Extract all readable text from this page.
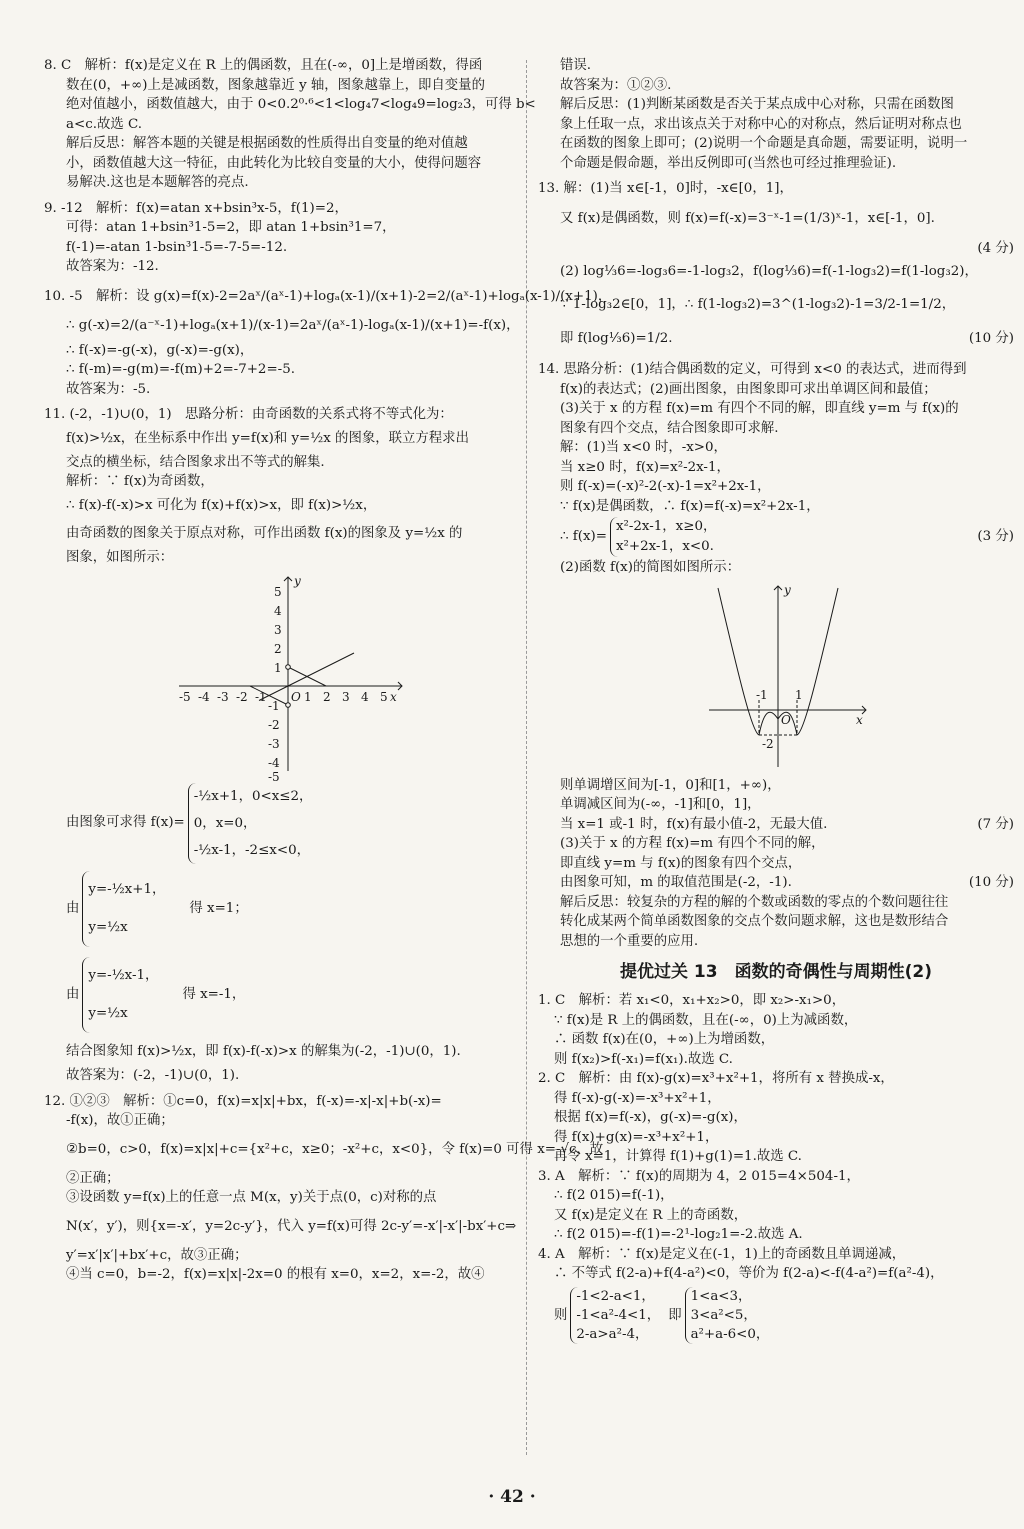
8. C　解析：f(x)是定义在 R 上的偶函数，且在(-∞，0]上是增函数，得函
数在(0，+∞)上是减函数，图象越靠近 y 轴，图象越靠上，即自变量的
绝对值越小，函数值越大，由于 0<0.2⁰·⁶<1<log₄7<log₄9=log₂3，可得 b<
a<c.故选 C.
解后反思：解答本题的关键是根据函数的性质得出自变量的绝对值越
小，函数值越大这一特征，由此转化为比较自变量的大小，使得问题容
易解决.这也是本题解答的亮点.
9. -12　解析：f(x)=atan x+bsin³x-5，f(1)=2，
可得：atan 1+bsin³1-5=2，即 atan 1+bsin³1=7，
f(-1)=-atan 1-bsin³1-5=-7-5=-12.
故答案为：-12.
10. -5　解析：设 g(x)=f(x)-2=2aˣ/(aˣ-1)+logₐ(x-1)/(x+1)-2=2/(aˣ-1)+logₐ(x-1)/(x+1)，
∴ g(-x)=2/(a⁻ˣ-1)+logₐ(x+1)/(x-1)=2aˣ/(aˣ-1)-logₐ(x-1)/(x+1)=-f(x)，
∴ f(-x)=-g(-x)，g(-x)=-g(x)，
∴ f(-m)=-g(m)=-f(m)+2=-7+2=-5.
故答案为：-5.
11. (-2，-1)∪(0，1)　思路分析：由奇函数的关系式将不等式化为：
f(x)>½x，在坐标系中作出 y=f(x)和 y=½x 的图象，联立方程求出
交点的横坐标，结合图象求出不等式的解集.
解析：∵ f(x)为奇函数，
∴ f(x)-f(-x)>x 可化为 f(x)+f(x)>x，即 f(x)>½x，
由奇函数的图象关于原点对称，可作出函数 f(x)的图象及 y=½x 的
图象，如图所示：
-5 -4 -3 -2 -1 O 1 2 3 4 5 x
y
5
4
3
2
1
-1
-2
-3
-4
-5
由图象可求得 f(x)=
-½x+1，0<x≤2，
0，x=0，
-½x-1，-2≤x<0，
由
y=-½x+1，
y=½x
得 x=1；
由
y=-½x-1，
y=½x
得 x=-1，
结合图象知 f(x)>½x，即 f(x)-f(-x)>x 的解集为(-2，-1)∪(0，1).
故答案为：(-2，-1)∪(0，1).
12. ①②③　解析：①c=0，f(x)=x|x|+bx，f(-x)=-x|-x|+b(-x)=
-f(x)，故①正确；
②b=0，c>0，f(x)=x|x|+c={x²+c，x≥0；-x²+c，x<0}，令 f(x)=0 可得 x=-√c，故
②正确；
③设函数 y=f(x)上的任意一点 M(x，y)关于点(0，c)对称的点
N(x′，y′)，则{x=-x′，y=2c-y′}，代入 y=f(x)可得 2c-y′=-x′|-x′|-bx′+c⇒
y′=x′|x′|+bx′+c，故③正确；
④当 c=0，b=-2，f(x)=x|x|-2x=0 的根有 x=0，x=2，x=-2，故④
错误.
故答案为：①②③.
解后反思：(1)判断某函数是否关于某点成中心对称，只需在函数图
象上任取一点，求出该点关于对称中心的对称点，然后证明对称点也
在函数的图象上即可；(2)说明一个命题是真命题，需要证明，说明一
个命题是假命题，举出反例即可(当然也可经过推理验证).
13. 解：(1)当 x∈[-1，0]时，-x∈[0，1]，
又 f(x)是偶函数，则 f(x)=f(-x)=3⁻ˣ-1=(1/3)ˣ-1，x∈[-1，0].
(4 分)
(2) log⅓6=-log₃6=-1-log₃2，f(log⅓6)=f(-1-log₃2)=f(1-log₃2)，
∵ 1-log₃2∈[0，1]，∴ f(1-log₃2)=3^(1-log₃2)-1=3/2-1=1/2，
即 f(log⅓6)=1/2.	(10 分)
14. 思路分析：(1)结合偶函数的定义，可得到 x<0 的表达式，进而得到
f(x)的表达式；(2)画出图象，由图象即可求出单调区间和最值；
(3)关于 x 的方程 f(x)=m 有四个不同的解，即直线 y=m 与 f(x)的
图象有四个交点，结合图象即可求解.
解：(1)当 x<0 时，-x>0，
当 x≥0 时，f(x)=x²-2x-1，
则 f(-x)=(-x)²-2(-x)-1=x²+2x-1，
∵ f(x)是偶函数，∴ f(x)=f(-x)=x²+2x-1，
∴ f(x)=
x²-2x-1，x≥0，
x²+2x-1，x<0.
(3 分)
(2)函数 f(x)的简图如图所示：
-1 1
O
-2
x
y
则单调增区间为[-1，0]和[1，+∞)，
单调减区间为(-∞，-1]和[0，1]，
当 x=1 或-1 时，f(x)有最小值-2，无最大值.	(7 分)
(3)关于 x 的方程 f(x)=m 有四个不同的解，
即直线 y=m 与 f(x)的图象有四个交点，
由图象可知，m 的取值范围是(-2，-1).	(10 分)
解后反思：较复杂的方程的解的个数或函数的零点的个数问题往往
转化成某两个简单函数图象的交点个数问题求解，这也是数形结合
思想的一个重要的应用.
提优过关 13　函数的奇偶性与周期性(2)
1. C　解析：若 x₁<0，x₁+x₂>0，即 x₂>-x₁>0，
∵ f(x)是 R 上的偶函数，且在(-∞，0)上为减函数，
∴ 函数 f(x)在(0，+∞)上为增函数，
则 f(x₂)>f(-x₁)=f(x₁).故选 C.
2. C　解析：由 f(x)-g(x)=x³+x²+1，将所有 x 替换成-x，
得 f(-x)-g(-x)=-x³+x²+1，
根据 f(x)=f(-x)，g(-x)=-g(x)，
得 f(x)+g(x)=-x³+x²+1，
再令 x=1，计算得 f(1)+g(1)=1.故选 C.
3. A　解析：∵ f(x)的周期为 4，2 015=4×504-1，
∴ f(2 015)=f(-1)，
又 f(x)是定义在 R 上的奇函数，
∴ f(2 015)=-f(1)=-2¹-log₂1=-2.故选 A.
4. A　解析：∵ f(x)是定义在(-1，1)上的奇函数且单调递减，
∴ 不等式 f(2-a)+f(4-a²)<0，等价为 f(2-a)<-f(4-a²)=f(a²-4)，
则
-1<2-a<1，
-1<a²-4<1，
2-a>a²-4，
即
1<a<3，
3<a²<5，
a²+a-6<0，
· 42 ·
